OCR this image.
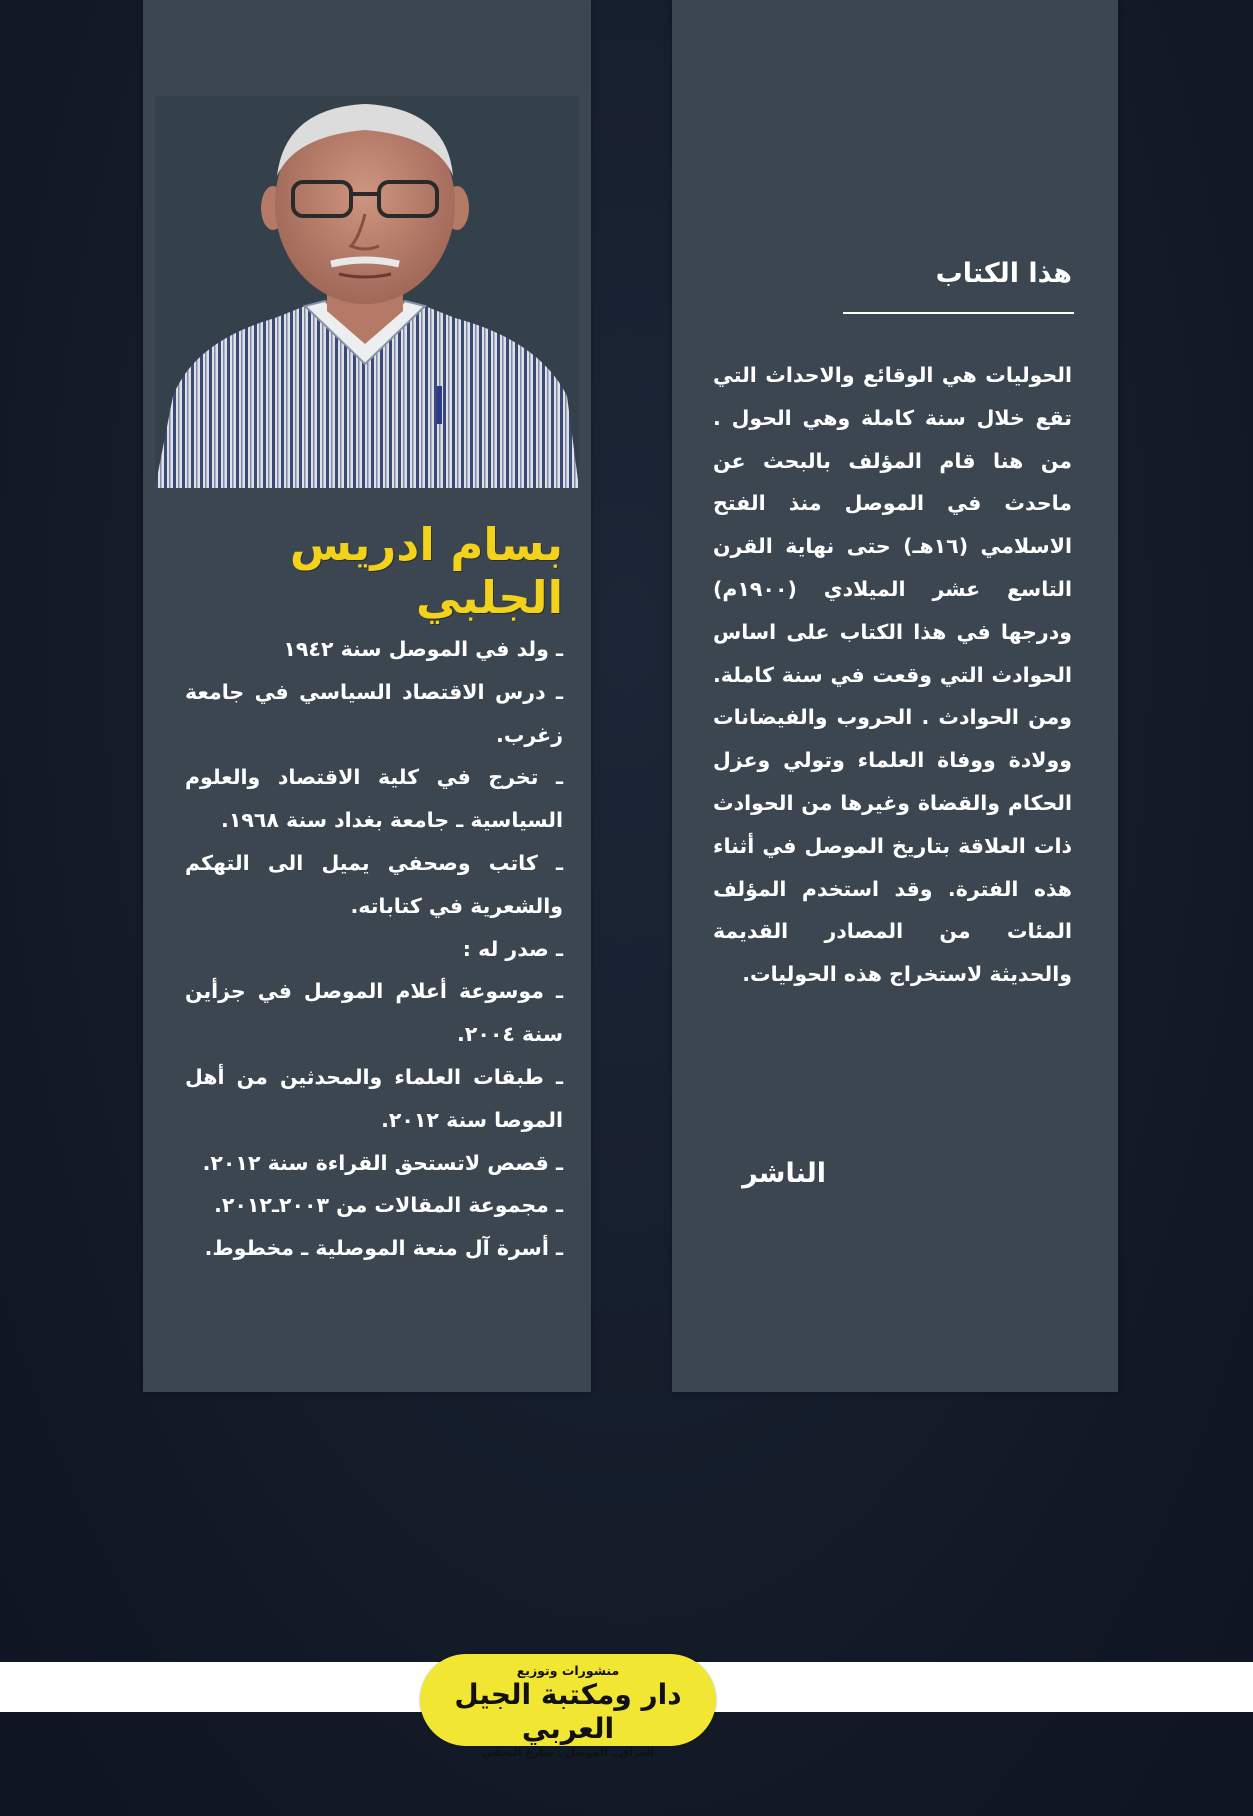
بسام ادريس الجلبي
ـ ولد في الموصل سنة ١٩٤٢
ـ درس الاقتصاد السياسي في جامعة زغرب.
ـ تخرج في كلية الاقتصاد والعلوم السياسية ـ جامعة بغداد سنة ١٩٦٨.
ـ كاتب وصحفي يميل الى التهكم والشعرية في كتاباته.
ـ صدر له :
ـ موسوعة أعلام الموصل في جزأين سنة ٢٠٠٤.
ـ طبقات العلماء والمحدثين من أهل الموصا سنة ٢٠١٢.
ـ قصص لاتستحق القراءة سنة ٢٠١٢.
ـ مجموعة المقالات من ٢٠٠٣ـ٢٠١٢.
ـ أسرة آل منعة الموصلية ـ مخطوط.
هذا الكتاب

الحوليات هي الوقائع والاحداث التي تقع خلال سنة كاملة وهي الحول . من هنا قام المؤلف بالبحث عن ماحدث في الموصل منذ الفتح الاسلامي (١٦هـ) حتى نهاية القرن التاسع عشر الميلادي (١٩٠٠م) ودرجها في هذا الكتاب على اساس الحوادث التي وقعت في سنة كاملة. ومن الحوادث . الحروب والفيضانات وولادة ووفاة العلماء وتولي وعزل الحكام والقضاة وغيرها من الحوادث ذات العلاقة بتاريخ الموصل في أثناء هذه الفترة. وقد استخدم المؤلف المئات من المصادر القديمة والحديثة لاستخراج هذه الحوليات.

الناشر
منشورات وتوزيع
دار ومكتبة الجيل العربي
العراق ـ الموصل ـ شارع النجفي
